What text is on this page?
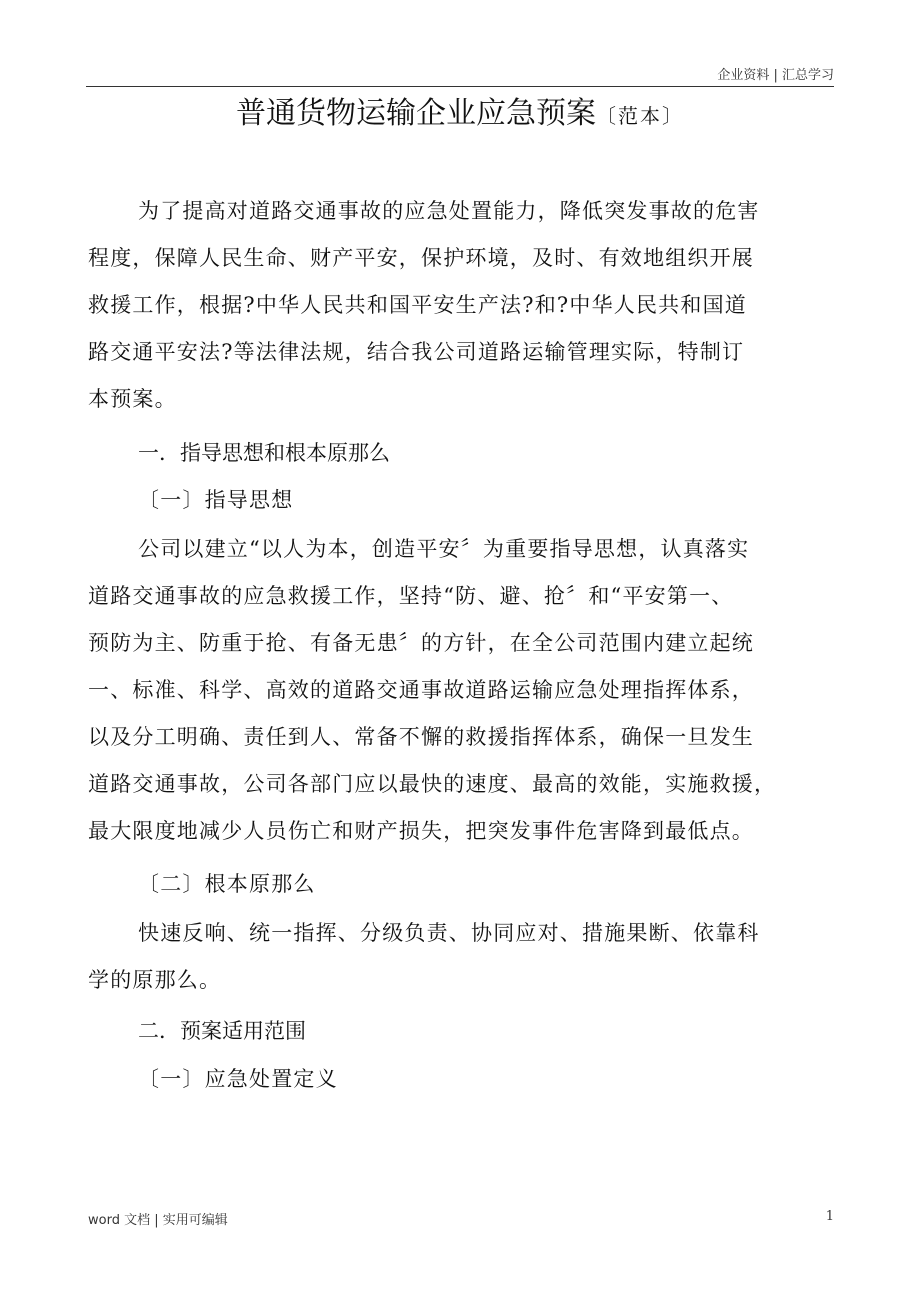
企业资料 | 汇总学习
普通货物运输企业应急预案〔范本〕
为了提高对道路交通事故的应急处置能力，降低突发事故的危害
程度，保障人民生命、财产平安，保护环境，及时、有效地组织开展
救援工作，根据?中华人民共和国平安生产法?和?中华人民共和国道
路交通平安法?等法律法规，结合我公司道路运输管理实际，特制订
本预案。
一．指导思想和根本原那么
〔一〕指导思想
公司以建立“以人为本，创造平安〞为重要指导思想，认真落实
道路交通事故的应急救援工作，坚持“防、避、抢〞和“平安第一、
预防为主、防重于抢、有备无患〞的方针，在全公司范围内建立起统
一、标准、科学、高效的道路交通事故道路运输应急处理指挥体系，
以及分工明确、责任到人、常备不懈的救援指挥体系，确保一旦发生
道路交通事故，公司各部门应以最快的速度、最高的效能，实施救援，
最大限度地减少人员伤亡和财产损失，把突发事件危害降到最低点。
〔二〕根本原那么
快速反响、统一指挥、分级负责、协同应对、措施果断、依靠科
学的原那么。
二．预案适用范围
〔一〕应急处置定义
word 文档 | 实用可编辑	1
